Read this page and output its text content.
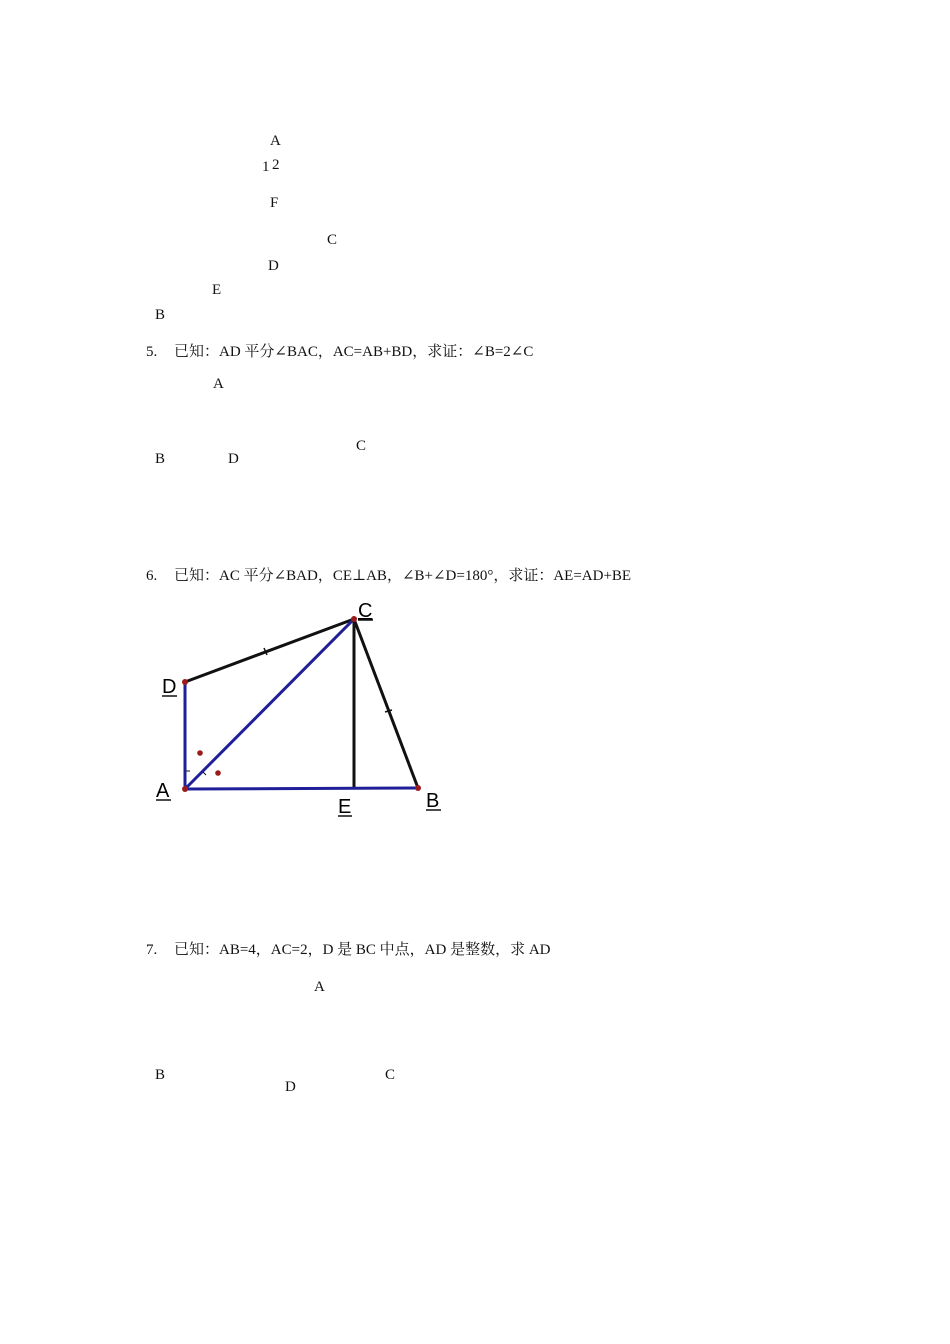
A
1 2
F
C
D
E
B
5. 已知：AD 平分∠BAC，AC=AB+BD，求证：∠B=2∠C
A
C
B	D
6. 已知：AC 平分∠BAD，CE⊥AB，∠B+∠D=180°，求证：AE=AD+BE
C
D
A
E	B
7. 已知：AB=4，AC=2，D 是 BC 中点，AD 是整数，求 AD
A
B	C
D
